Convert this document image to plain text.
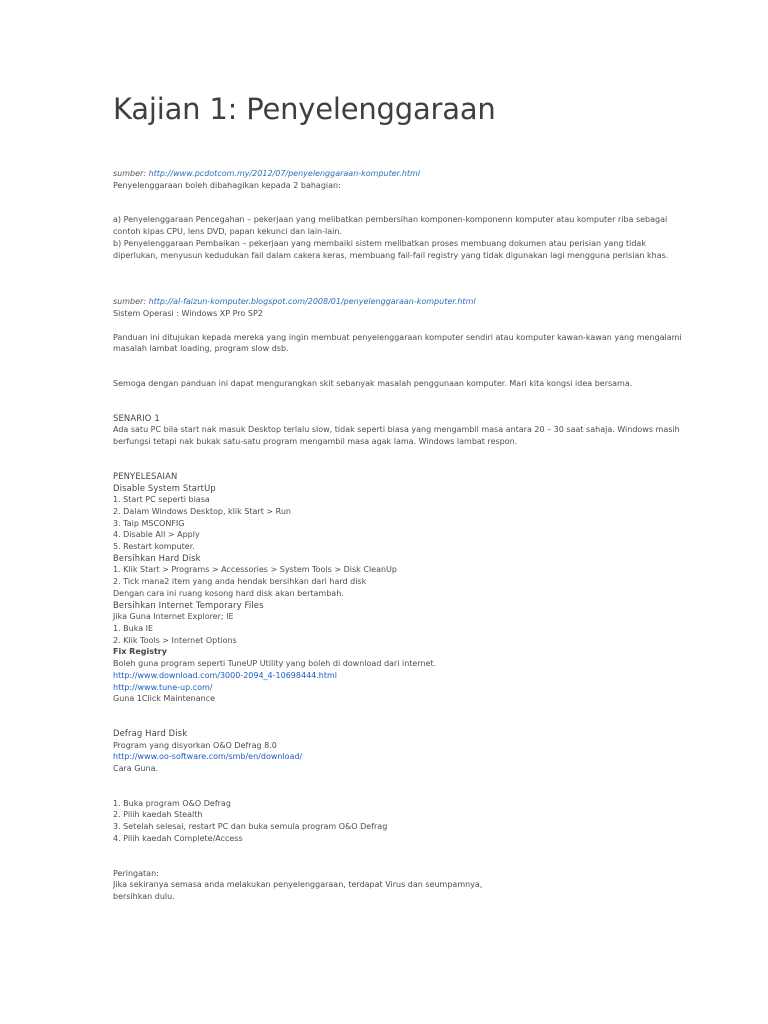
Kajian 1: Penyelenggaraan
sumber: http://www.pcdotcom.my/2012/07/penyelenggaraan-komputer.html
Penyelenggaraan boleh dibahagikan kepada 2 bahagian:
a) Penyelenggaraan Pencegahan – pekerjaan yang melibatkan pembersihan komponen-komponenn komputer atau komputer riba sebagai
contoh kipas CPU, lens DVD, papan kekunci dan lain-lain.
b) Penyelenggaraan Pembaikan – pekerjaan yang membaiki sistem melibatkan proses membuang dokumen atau perisian yang tidak
diperlukan, menyusun kedudukan fail dalam cakera keras, membuang fail-fail registry yang tidak digunakan lagi mengguna perisian khas.
sumber: http://al-faizun-komputer.blogspot.com/2008/01/penyelenggaraan-komputer.html
Sistem Operasi : Windows XP Pro SP2
Panduan ini ditujukan kepada mereka yang ingin membuat penyelenggaraan komputer sendiri atau komputer kawan-kawan yang mengalami
masalah lambat loading, program slow dsb.
Semoga dengan panduan ini dapat mengurangkan skit sebanyak masalah penggunaan komputer. Mari kita kongsi idea bersama.
SENARIO 1
Ada satu PC bila start nak masuk Desktop terlalu slow, tidak seperti biasa yang mengambil masa antara 20 – 30 saat sahaja. Windows masih
berfungsi tetapi nak bukak satu-satu program mengambil masa agak lama. Windows lambat respon.
PENYELESAIAN
Disable System StartUp
1. Start PC seperti biasa
2. Dalam Windows Desktop, klik Start > Run
3. Taip MSCONFIG
4. Disable All > Apply
5. Restart komputer.
Bersihkan Hard Disk
1. Klik Start > Programs > Accessories > System Tools > Disk CleanUp
2. Tick mana2 item yang anda hendak bersihkan dari hard disk
Dengan cara ini ruang kosong hard disk akan bertambah.
Bersihkan Internet Temporary Files
Jika Guna Internet Explorer; IE
1. Buka IE
2. Klik Tools > Internet Options
Fix Registry
Boleh guna program seperti TuneUP Utility yang boleh di download dari internet.
http://www.download.com/3000-2094_4-10698444.html
http://www.tune-up.com/
Guna 1Click Maintenance
Defrag Hard Disk
Program yang disyorkan O&O Defrag 8.0
http://www.oo-software.com/smb/en/download/
Cara Guna.
1. Buka program O&O Defrag
2. Pilih kaedah Stealth
3. Setelah selesai, restart PC dan buka semula program O&O Defrag
4. Pilih kaedah Complete/Access
Peringatan:
Jika sekiranya semasa anda melakukan penyelenggaraan, terdapat Virus dan seumpamnya,
bersihkan dulu.
